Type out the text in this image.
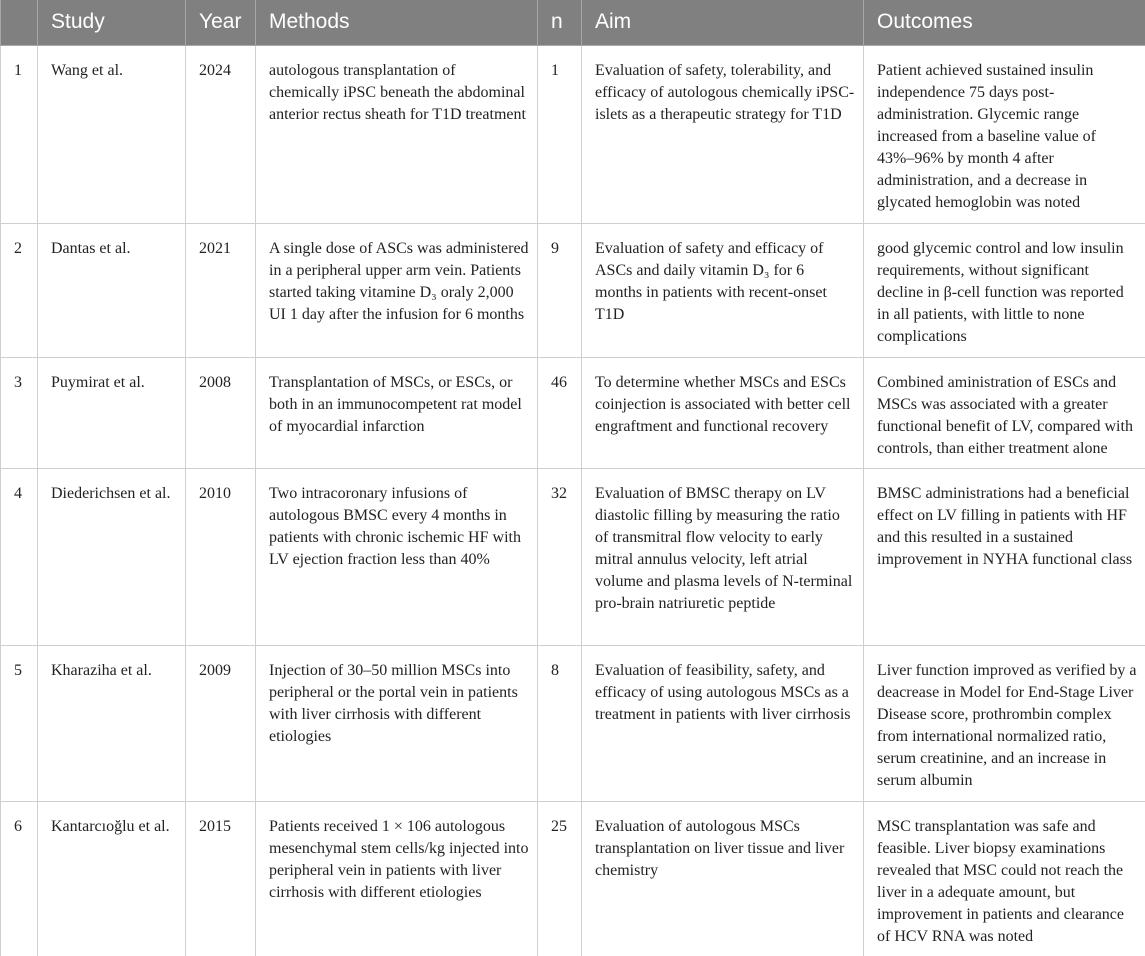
	Study	Year	Methods	n	Aim	Outcomes
1	Wang et al.	2024	autologous transplantation of chemically iPSC beneath the abdominal anterior rectus sheath for T1D treatment	1	Evaluation of safety, tolerability, and efficacy of autologous chemically iPSC-islets as a therapeutic strategy for T1D	Patient achieved sustained insulin independence 75 days post-administration. Glycemic range increased from a baseline value of 43%–96% by month 4 after administration, and a decrease in glycated hemoglobin was noted
2	Dantas et al.	2021	A single dose of ASCs was administered in a peripheral upper arm vein. Patients started taking vitamine D₃ oraly 2,000 UI 1 day after the infusion for 6 months	9	Evaluation of safety and efficacy of ASCs and daily vitamin D₃ for 6 months in patients with recent-onset T1D	good glycemic control and low insulin requirements, without significant decline in β-cell function was reported in all patients, with little to none complications
3	Puymirat et al.	2008	Transplantation of MSCs, or ESCs, or both in an immunocompetent rat model of myocardial infarction	46	To determine whether MSCs and ESCs coinjection is associated with better cell engraftment and functional recovery	Combined aministration of ESCs and MSCs was associated with a greater functional benefit of LV, compared with controls, than either treatment alone
4	Diederichsen et al.	2010	Two intracoronary infusions of autologous BMSC every 4 months in patients with chronic ischemic HF with LV ejection fraction less than 40%	32	Evaluation of BMSC therapy on LV diastolic filling by measuring the ratio of transmitral flow velocity to early mitral annulus velocity, left atrial volume and plasma levels of N-terminal pro-brain natriuretic peptide	BMSC administrations had a beneficial effect on LV filling in patients with HF and this resulted in a sustained improvement in NYHA functional class
5	Kharaziha et al.	2009	Injection of 30–50 million MSCs into peripheral or the portal vein in patients with liver cirrhosis with different etiologies	8	Evaluation of feasibility, safety, and efficacy of using autologous MSCs as a treatment in patients with liver cirrhosis	Liver function improved as verified by a deacrease in Model for End-Stage Liver Disease score, prothrombin complex from international normalized ratio, serum creatinine, and an increase in serum albumin
6	Kantarcıoğlu et al.	2015	Patients received 1 × 106 autologous mesenchymal stem cells/kg injected into peripheral vein in patients with liver cirrhosis with different etiologies	25	Evaluation of autologous MSCs transplantation on liver tissue and liver chemistry	MSC transplantation was safe and feasible. Liver biopsy examinations revealed that MSC could not reach the liver in a adequate amount, but improvement in patients and clearance of HCV RNA was noted
